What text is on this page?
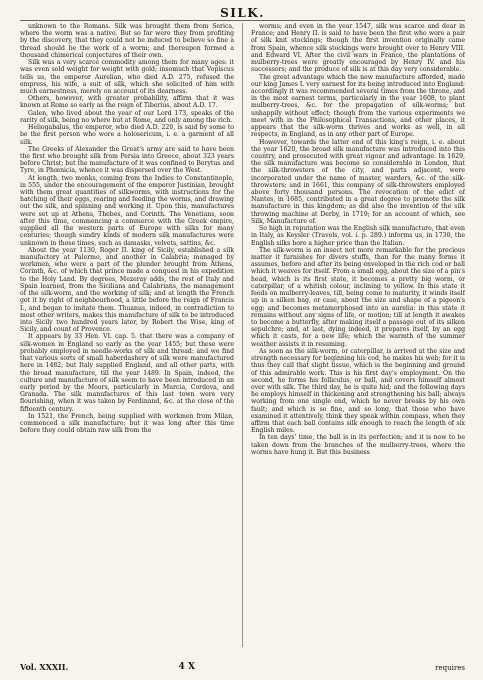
SILK.

unknown to the Romans. Silk was brought them from Serica, where the worm was a native. But so far were they from profiting by the discovery, that they could not be induced to believe so fine a thread should be the work of a worm; and thereupon formed a thousand chimerical conjectures of their own.

Silk was a very scarce commodity among them for many ages: it was even sold weight for weight with gold; insomuch that Vopiscus tells us, the emperor Aurelian, who died A.D. 275, refused the empress, his wife, a suit of silk, which she solicited of him with much earnestness, merely on account of its dearness.

Others, however, with greater probability, affirm that it was known at Rome so early as the reign of Tiberius, about A.D. 17.

Galen, who lived about the year of our Lord 173, speaks of the rarity of silk, being no where but at Rome, and only among the rich.

Heliogabalus, the emperor, who died A.D. 220, is said by some to be the first person who wore a holosericum, i. e. a garment of all silk.

The Greeks of Alexander the Great's army are said to have been the first who brought silk from Persia into Greece, about 323 years before Christ; but the manufacture of it was confined to Berytus and Tyre, in Phœnicia, whence it was dispersed over the West.

At length, two monks, coming from the Indies to Constantinople, in 555, under the encouragement of the emperor Justinian, brought with them great quantities of silkworms, with instructions for the hatching of their eggs, rearing and feeding the worms, and drawing out the silk, and spinning and working it. Upon this, manufactures were set up at Athens, Thebes, and Corinth. The Venetians, soon after this time, commencing a commerce with the Greek empire, supplied all the western parts of Europe with silks for many centuries; though sundry kinds of modern silk manufactures were unknown in those times, such as damasks, velvets, sattins, &c.

About the year 1130, Roger II. king of Sicily, established a silk manufactory at Palermo, and another in Calabria; managed by workmen, who were a part of the plunder brought from Athens, Corinth, &c. of which that prince made a conquest in his expedition to the Holy Land. By degrees, Mezeray adds, the rest of Italy and Spain learned, from the Sicilians and Calabrians, the management of the silk-worm, and the working of silk; and at length the French got it by right of neighbourhood, a little before the reign of Francis I., and began to imitate them. Thuanus, indeed, in contradiction to most other writers, makes this manufacture of silk to be introduced into Sicily two hundred years later, by Robert the Wise, king of Sicily, and count of Provence.

It appears by 33 Hen. VI. cap. 5. that there was a company of silk-women in England so early as the year 1455; but these were probably employed in needle-works of silk and thread: and we find that various sorts of small haberdashery of silk were manufactured here in 1482; but Italy supplied England, and all other parts, with the broad manufacture, till the year 1489. In Spain, indeed, the culture and manufacture of silk seem to have been introduced in an early period by the Moors, particularly in Murcia, Cordova, and Granada. The silk manufactures of this last town were very flourishing, when it was taken by Ferdinand, &c. at the close of the fifteenth century.

In 1521, the French, being supplied with workmen from Milan, commenced a silk manufacture; but it was long after this time before they could obtain raw silk from the

worms; and even in the year 1547, silk was scarce and dear in France; and Henry II. is said to have been the first who wore a pair of silk knit stockings; though the first invention originally came from Spain, whence silk stockings were brought over to Henry VIII. and Edward VI. After the civil wars in France, the plantations of mulberry-trees were greatly encouraged by Henry IV. and his successors; and the produce of silk is at this day very considerable.

The great advantage which the new manufacture afforded, made our king James I. very earnest for its being introduced into England: accordingly it was recommended several times from the throne, and in the most earnest terms, particularly in the year 1608, to plant mulberry-trees, &c. for the propagation of silk-worms; but unhappily without effect; though from the various experiments we meet with in the Philosophical Transactions, and other places, it appears that the silk-worm thrives and works as well, in all respects, in England, as in any other part of Europe.

However, towards the latter end of this king's reign, i. e. about the year 1620, the broad silk manufacture was introduced into this country, and prosecuted with great vigour and advantage. In 1629, the silk manufacture was become so considerable in London, that the silk-throwsters of the city, and parts adjacent, were incorporated under the name of master, warders, &c. of the silk-throwsters; and in 1661, this company of silk-throwsters employed above forty thousand persons. The revocation of the edict of Nantes, in 1685, contributed in a great degree to promote the silk manufacture in this kingdom; as did also the invention of the silk throwing machine at Derby, in 1719; for an account of which, see Silk, Manufacture of.

So high in reputation was the English silk manufacture, that even in Italy, as Keysler (Travels, vol. i. p. 289.) informs us, in 1730, the English silks bore a higher price than the Italian.

The silk-worm is an insect not more remarkable for the precious matter it furnishes for divers stuffs, than for the many forms it assumes, before and after its being enveloped in the rich cod or ball which it weaves for itself. From a small egg, about the size of a pin's head, which is its first state, it becomes a pretty big worm, or caterpillar, of a whitish colour, inclining to yellow. In this state it feeds on mulberry-leaves, till, being come to maturity, it winds itself up in a silken bag, or case, about the size and shape of a pigeon's egg; and becomes metamorphosed into an aurelia: in this state it remains without any signs of life, or motion; till at length it awakes to become a butterfly, after making itself a passage out of its silken sepulchre; and, at last, dying indeed, it prepares itself, by an egg which it casts, for a new life; which the warmth of the summer weather assists it in resuming.

As soon as the silk-worm, or caterpillar, is arrived at the size and strength necessary for beginning his cod, he makes his web; for it is thus they call that slight tissue, which is the beginning and ground of this admirable work. This is his first day's employment. On the second, he forms his folliculus, or ball, and covers himself almost over with silk. The third day, he is quite hid; and the following days he employs himself in thickening and strengthening his ball; always working from one single end, which he never breaks by his own fault; and which is so fine, and so long, that those who have examined it attentively, think they speak within compass, when they affirm that each ball contains silk enough to reach the length of six English miles.

In ten days' time, the ball is in its perfection; and it is now to be taken down from the branches of the mulberry-trees, where the worms have hung it. But this business

Vol. XXXII.	4 X	requires
